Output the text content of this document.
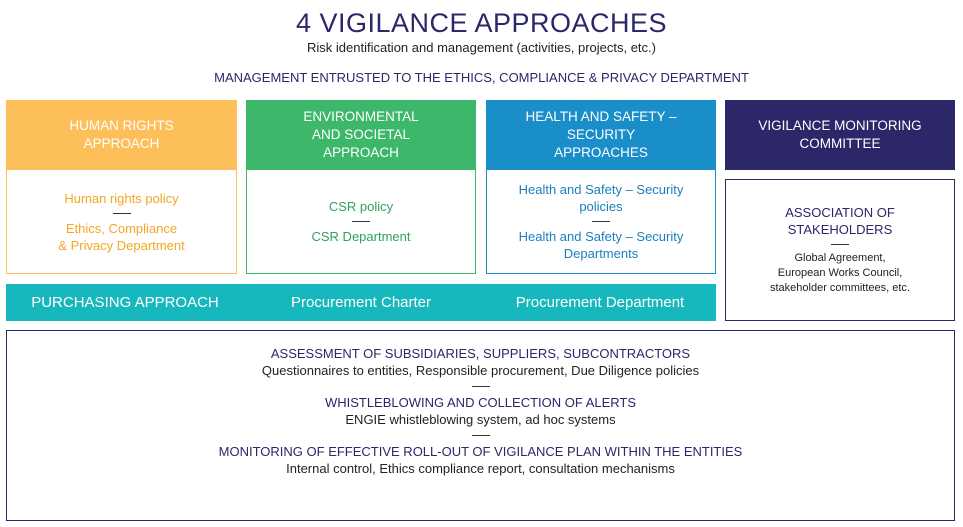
4 VIGILANCE APPROACHES
Risk identification and management (activities, projects, etc.)
MANAGEMENT ENTRUSTED TO THE ETHICS, COMPLIANCE & PRIVACY DEPARTMENT
HUMAN RIGHTS
APPROACH
Human rights policy
Ethics, Compliance
& Privacy Department
ENVIRONMENTAL
AND SOCIETAL
APPROACH
CSR policy
CSR Department
HEALTH AND SAFETY – SECURITY
APPROACHES
Health and Safety – Security
policies
Health and Safety – Security
Departments
VIGILANCE MONITORING
COMMITTEE
ASSOCIATION OF
STAKEHOLDERS
Global Agreement,
European Works Council,
stakeholder committees, etc.
PURCHASING APPROACH	Procurement Charter	Procurement Department
ASSESSMENT OF SUBSIDIARIES, SUPPLIERS, SUBCONTRACTORS
Questionnaires to entities, Responsible procurement, Due Diligence policies
WHISTLEBLOWING AND COLLECTION OF ALERTS
ENGIE whistleblowing system, ad hoc systems
MONITORING OF EFFECTIVE ROLL-OUT OF VIGILANCE PLAN WITHIN THE ENTITIES
Internal control, Ethics compliance report, consultation mechanisms
